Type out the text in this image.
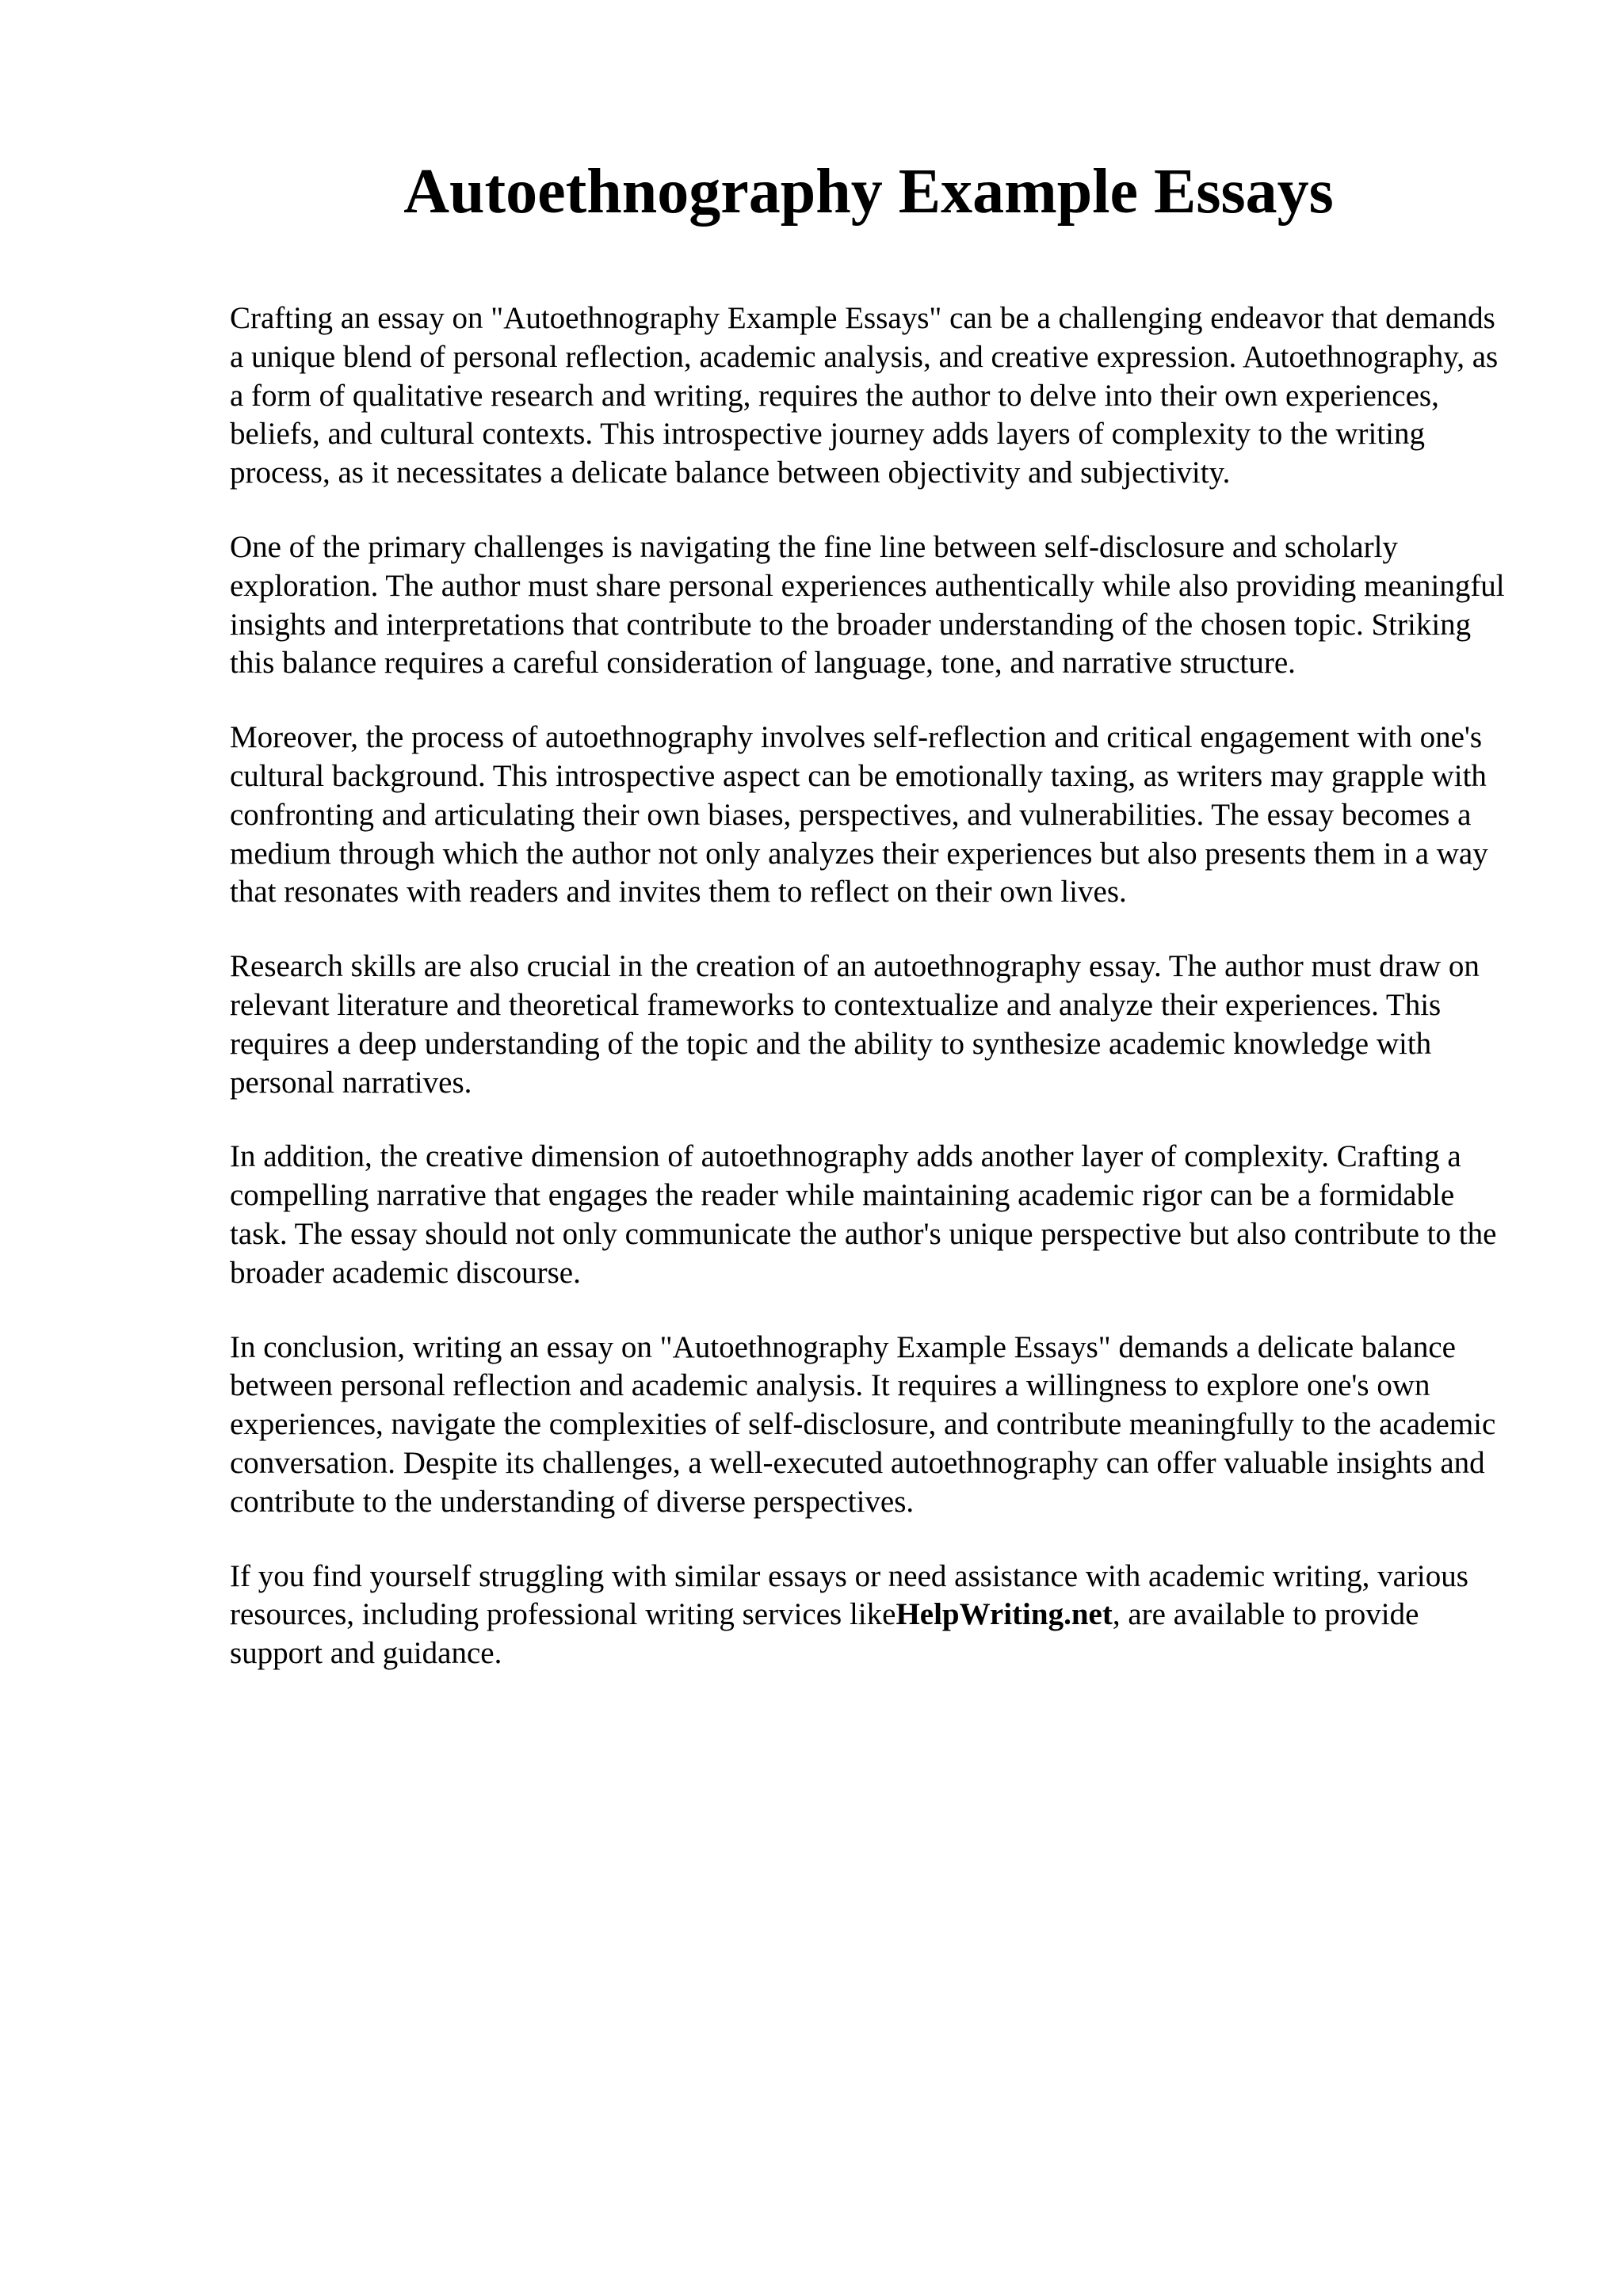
Autoethnography Example Essays

Crafting an essay on "Autoethnography Example Essays" can be a challenging endeavor that demands a unique blend of personal reflection, academic analysis, and creative expression. Autoethnography, as a form of qualitative research and writing, requires the author to delve into their own experiences, beliefs, and cultural contexts. This introspective journey adds layers of complexity to the writing process, as it necessitates a delicate balance between objectivity and subjectivity.

One of the primary challenges is navigating the fine line between self-disclosure and scholarly exploration. The author must share personal experiences authentically while also providing meaningful insights and interpretations that contribute to the broader understanding of the chosen topic. Striking this balance requires a careful consideration of language, tone, and narrative structure.

Moreover, the process of autoethnography involves self-reflection and critical engagement with one's cultural background. This introspective aspect can be emotionally taxing, as writers may grapple with confronting and articulating their own biases, perspectives, and vulnerabilities. The essay becomes a medium through which the author not only analyzes their experiences but also presents them in a way that resonates with readers and invites them to reflect on their own lives.

Research skills are also crucial in the creation of an autoethnography essay. The author must draw on relevant literature and theoretical frameworks to contextualize and analyze their experiences. This requires a deep understanding of the topic and the ability to synthesize academic knowledge with personal narratives.

In addition, the creative dimension of autoethnography adds another layer of complexity. Crafting a compelling narrative that engages the reader while maintaining academic rigor can be a formidable task. The essay should not only communicate the author's unique perspective but also contribute to the broader academic discourse.

In conclusion, writing an essay on "Autoethnography Example Essays" demands a delicate balance between personal reflection and academic analysis. It requires a willingness to explore one's own experiences, navigate the complexities of self-disclosure, and contribute meaningfully to the academic conversation. Despite its challenges, a well-executed autoethnography can offer valuable insights and contribute to the understanding of diverse perspectives.

If you find yourself struggling with similar essays or need assistance with academic writing, various resources, including professional writing services likeHelpWriting.net, are available to provide support and guidance.
